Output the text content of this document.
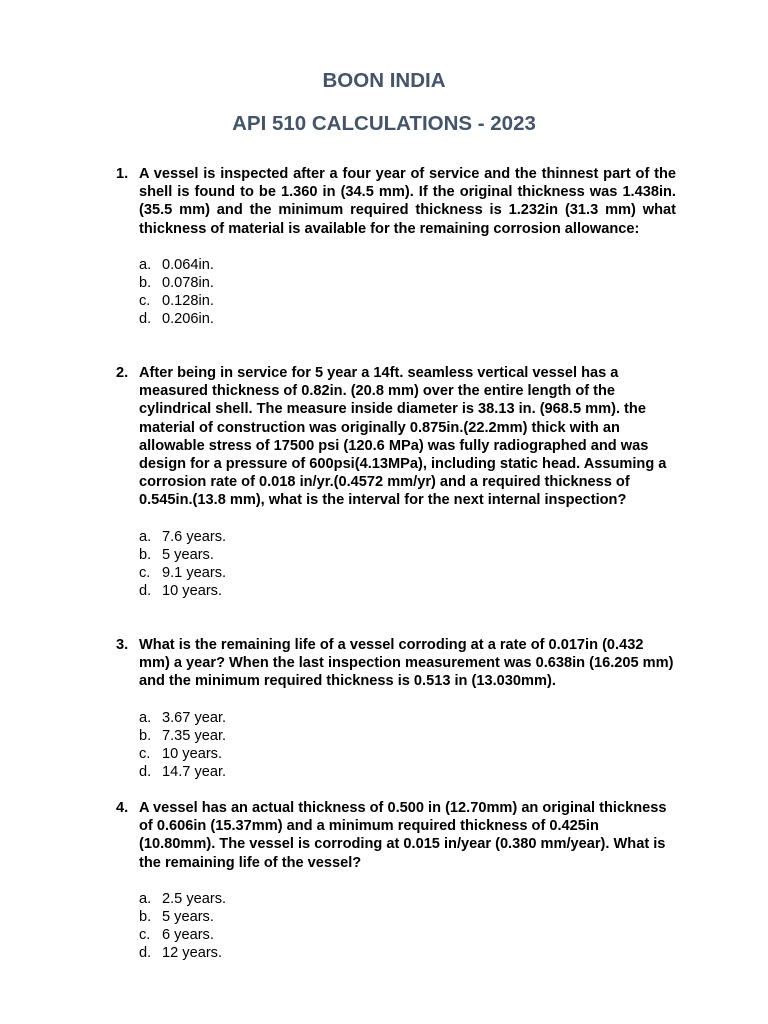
BOON INDIA
API 510 CALCULATIONS - 2023
1. A vessel is inspected after a four year of service and the thinnest part of the shell is found to be 1.360 in (34.5 mm). If the original thickness was 1.438in. (35.5 mm) and the minimum required thickness is 1.232in (31.3 mm) what thickness of material is available for the remaining corrosion allowance:

a. 0.064in.
b. 0.078in.
c. 0.128in.
d. 0.206in.
2. After being in service for 5 year a 14ft. seamless vertical vessel has a measured thickness of 0.82in. (20.8 mm) over the entire length of the cylindrical shell. The measure inside diameter is 38.13 in. (968.5 mm). the material of construction was originally 0.875in.(22.2mm) thick with an allowable stress of 17500 psi (120.6 MPa) was fully radiographed and was design for a pressure of 600psi(4.13MPa), including static head. Assuming a corrosion rate of 0.018 in/yr.(0.4572 mm/yr) and a required thickness of 0.545in.(13.8 mm), what is the interval for the next internal inspection?

a. 7.6 years.
b. 5 years.
c. 9.1 years.
d. 10 years.
3. What is the remaining life of a vessel corroding at a rate of 0.017in (0.432 mm) a year? When the last inspection measurement was 0.638in (16.205 mm) and the minimum required thickness is 0.513 in (13.030mm).

a. 3.67 year.
b. 7.35 year.
c. 10 years.
d. 14.7 year.
4. A vessel has an actual thickness of 0.500 in (12.70mm) an original thickness of 0.606in (15.37mm) and a minimum required thickness of 0.425in (10.80mm). The vessel is corroding at 0.015 in/year (0.380 mm/year). What is the remaining life of the vessel?

a. 2.5 years.
b. 5 years.
c. 6 years.
d. 12 years.
